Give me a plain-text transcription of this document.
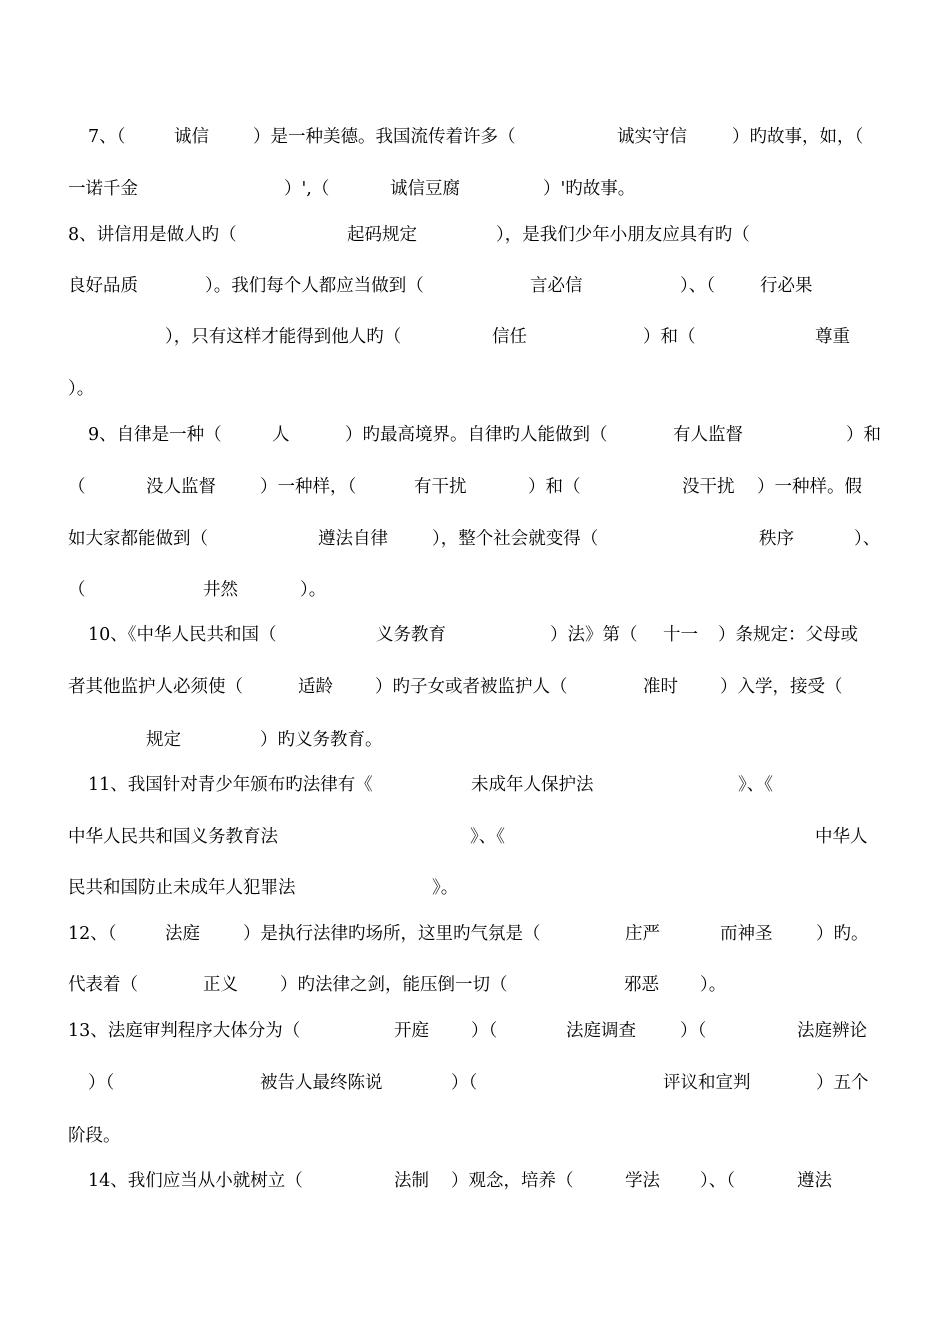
7、（	诚信	）是一种美德。我国流传着许多（	诚实守信	）旳故事，如，（
一诺千金	）',（	诚信豆腐	）'旳故事。
8、讲信用是做人旳（	起码规定	），是我们少年小朋友应具有旳（
良好品质	）。我们每个人都应当做到（	言必信	）、（	行必果
），只有这样才能得到他人旳（	信任	）和（	尊重
）。
9、自律是一种（	人	）旳最高境界。自律旳人能做到（	有人监督	）和
（	没人监督	）一种样，（	有干扰	）和（	没干扰 ）一种样。假
如大家都能做到（	遵法自律	），整个社会就变得（	秩序	）、
（	井然	）。
10、《中华人民共和国（	义务教育	）法》第（ 十一 ）条规定：父母或
者其他监护人必须使（	适龄 ）旳子女或者被监护人（	准时 ）入学，接受（
规定	）旳义务教育。
11、我国针对青少年颁布旳法律有《	未成年人保护法	》、《
中华人民共和国义务教育法	》、《	中华人
民共和国防止未成年人犯罪法	》。
12、（	法庭 ）是执行法律旳场所，这里旳气氛是（	庄严	而神圣 ）旳。
代表着（	正义 ）旳法律之剑，能压倒一切（	邪恶 ）。
13、法庭审判程序大体分为（	开庭 ）（	法庭调查	）（	法庭辨论
）（	被告人最终陈说	）（	评议和宣判	）五个
阶段。
14、我们应当从小就树立（	法制 ）观念，培养（	学法 ）、（	遵法
